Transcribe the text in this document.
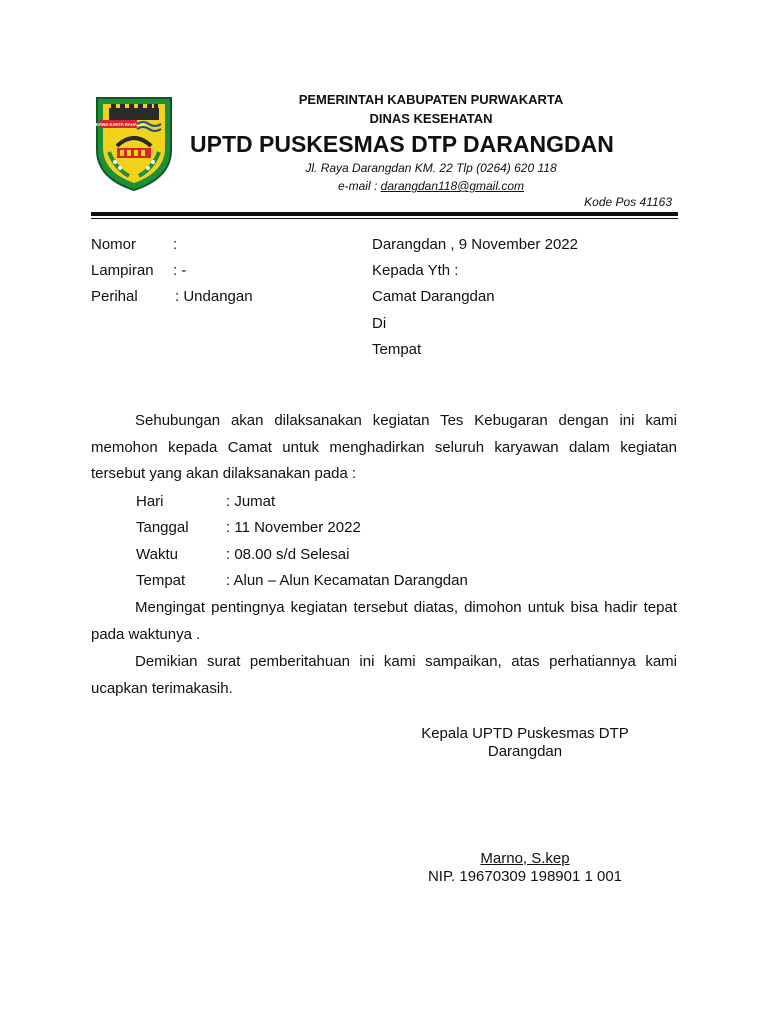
WIBAWA KARTA RAHARJA
PEMERINTAH KABUPATEN PURWAKARTA
DINAS KESEHATAN
UPTD PUSKESMAS DTP DARANGDAN
Jl. Raya Darangdan KM. 22 Tlp (0264) 620 118
e-mail : darangdan118@gmail.com
Kode Pos 41163
Nomor :
Lampiran : -
Perihal : Undangan
Darangdan , 9 November 2022
Kepada Yth :
Camat Darangdan
Di
Tempat
Sehubungan akan dilaksanakan kegiatan Tes Kebugaran dengan ini kami memohon kepada Camat untuk menghadirkan seluruh karyawan dalam kegiatan tersebut yang akan dilaksanakan pada :
Hari	: Jumat
Tanggal : 11 November 2022
Waktu	: 08.00 s/d Selesai
Tempat	: Alun – Alun Kecamatan Darangdan
Mengingat pentingnya kegiatan tersebut diatas, dimohon untuk bisa hadir tepat pada waktunya .
Demikian surat pemberitahuan ini kami sampaikan, atas perhatiannya kami ucapkan terimakasih.
Kepala UPTD Puskesmas DTP
Darangdan
Marno, S.kep
NIP. 19670309 198901 1 001
